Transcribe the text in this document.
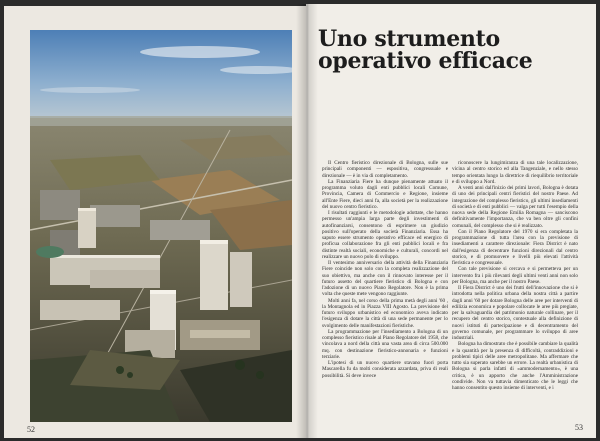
52	53
Uno strumento
operativo efficace

Il Centro fieristico direzionale di Bologna, sulle sue principali componenti — espositiva, congressuale e direzionale — è in via di completamento.

La Finanziaria Fiere ha dunque pienamente attuato il programma voluto dagli enti pubblici locali Comune, Provincia, Camera di Commercio e Regione, insieme all'Ente Fiere, dieci anni fa, alla società per la realizzazione del nuovo centro fieristico.

I risultati raggiunti e le metodologie adottate, che hanno permesso un'ampia larga parte degli investimenti di autofinanziarsi, consentono di esprimere un giudizio positivo sull'operato della società Finanziaria. Essa ha saputo essere strumento operativo efficace ed energico di proficua collaborazione fra gli enti pubblici locali e fra distinte realtà sociali, economiche e culturali, concordi nel realizzare un nuovo polo di sviluppo.

Il ventesimo anniversario della attività della Finanziaria Fiere coincide non solo con la completa realizzazione del suo obiettivo, ma anche con il rinnovato interesse per il futuro assetto del quartiere fieristico di Bologna e con l'adozione di un nuovo Piano Regolatore. Non è la prima volta che queste mete vengono raggiunte.

Molti anni fa, nel corso della prima metà degli anni '60 , la Montagnola ed in Piazza VIII Agosto. La previsione del futuro sviluppo urbanistico ed economico aveva indicato l'esigenza di dotare la città di una sede permanente per lo svolgimento delle manifestazioni fieristiche.

La programmazione per l'insediamento a Bologna di un complesso fieristico risale al Piano Regolatore del 1958, che vincolava a nord della città una vasta area di circa 500.000 mq. con destinazione fieristico-annonaria e funzioni terziarie.

L'ipotesi di un nuovo quartiere stavano fuori porta Mascarella fu da molti considerata azzardata, priva di reali possibilità. Si deve invece

riconoscere la lungimiranza di una tale localizzazione, vicina al centro storico ed alla Tangenziale, e nello stesso tempo orientata lungo la direttrice di riequilibrio territoriale e di sviluppo a Nord.

A venti anni dall'inizio dei primi lavori, Bologna è dotata di uno dei principali centri fieristici del nostro Paese. Ad integrazione del complesso fieristico, gli ultimi insediamenti di società e di enti pubblici — valga per tutti l'esempio della nuova sede della Regione Emilia Romagna — sanciscono definitivamente l'importanza, che va ben oltre gli confini comunali, del complesso che si è realizzato.

Con il Piano Regolatore del 1970 si era completata la programmazione di tutta l'area con la previsione di insediamenti a carattere direzionale: Fiera District è nato dall'esigenza di decentrare funzioni direzionali dal centro storico, e di promuovere e livelli più elevati l'attività fieristica e congressuale.

Con tale previsione si cercava e si permetteva per un intervento fra i più rilevanti degli ultimi venti anni non solo per Bologna, ma anche per il nostro Paese.

Il Fiera District è uno dei frutti dell'innovazione che si è introdotta nella politica urbana della nostra città a partire dagli anni '60 per dotare Bologna delle aree per interventi di edilizia economica e popolare collocate le aree più pregiate, per la salvaguardia del patrimonio naturale collinare, per il recupero del centro storico, contestuale alla definizione di nuovi istituti di partecipazione e di decentramento del governo comunale, per programmare lo sviluppo di aree industriali.

Bologna ha dimostrato che è possibile cambiare la qualità e la quantità per la presenza di difficoltà, contraddizioni e problemi tipici delle aree metropolitane. Ma affermare che tutto sia superato sarebbe un errore. La realtà urbanistica di Bologna si parla infatti di «ammodernamento», è una critica, è un apporto che anche l'Amministrazione condivide. Non va tuttavia dimenticato che le leggi che hanno consentito questo insieme di interventi, e i
